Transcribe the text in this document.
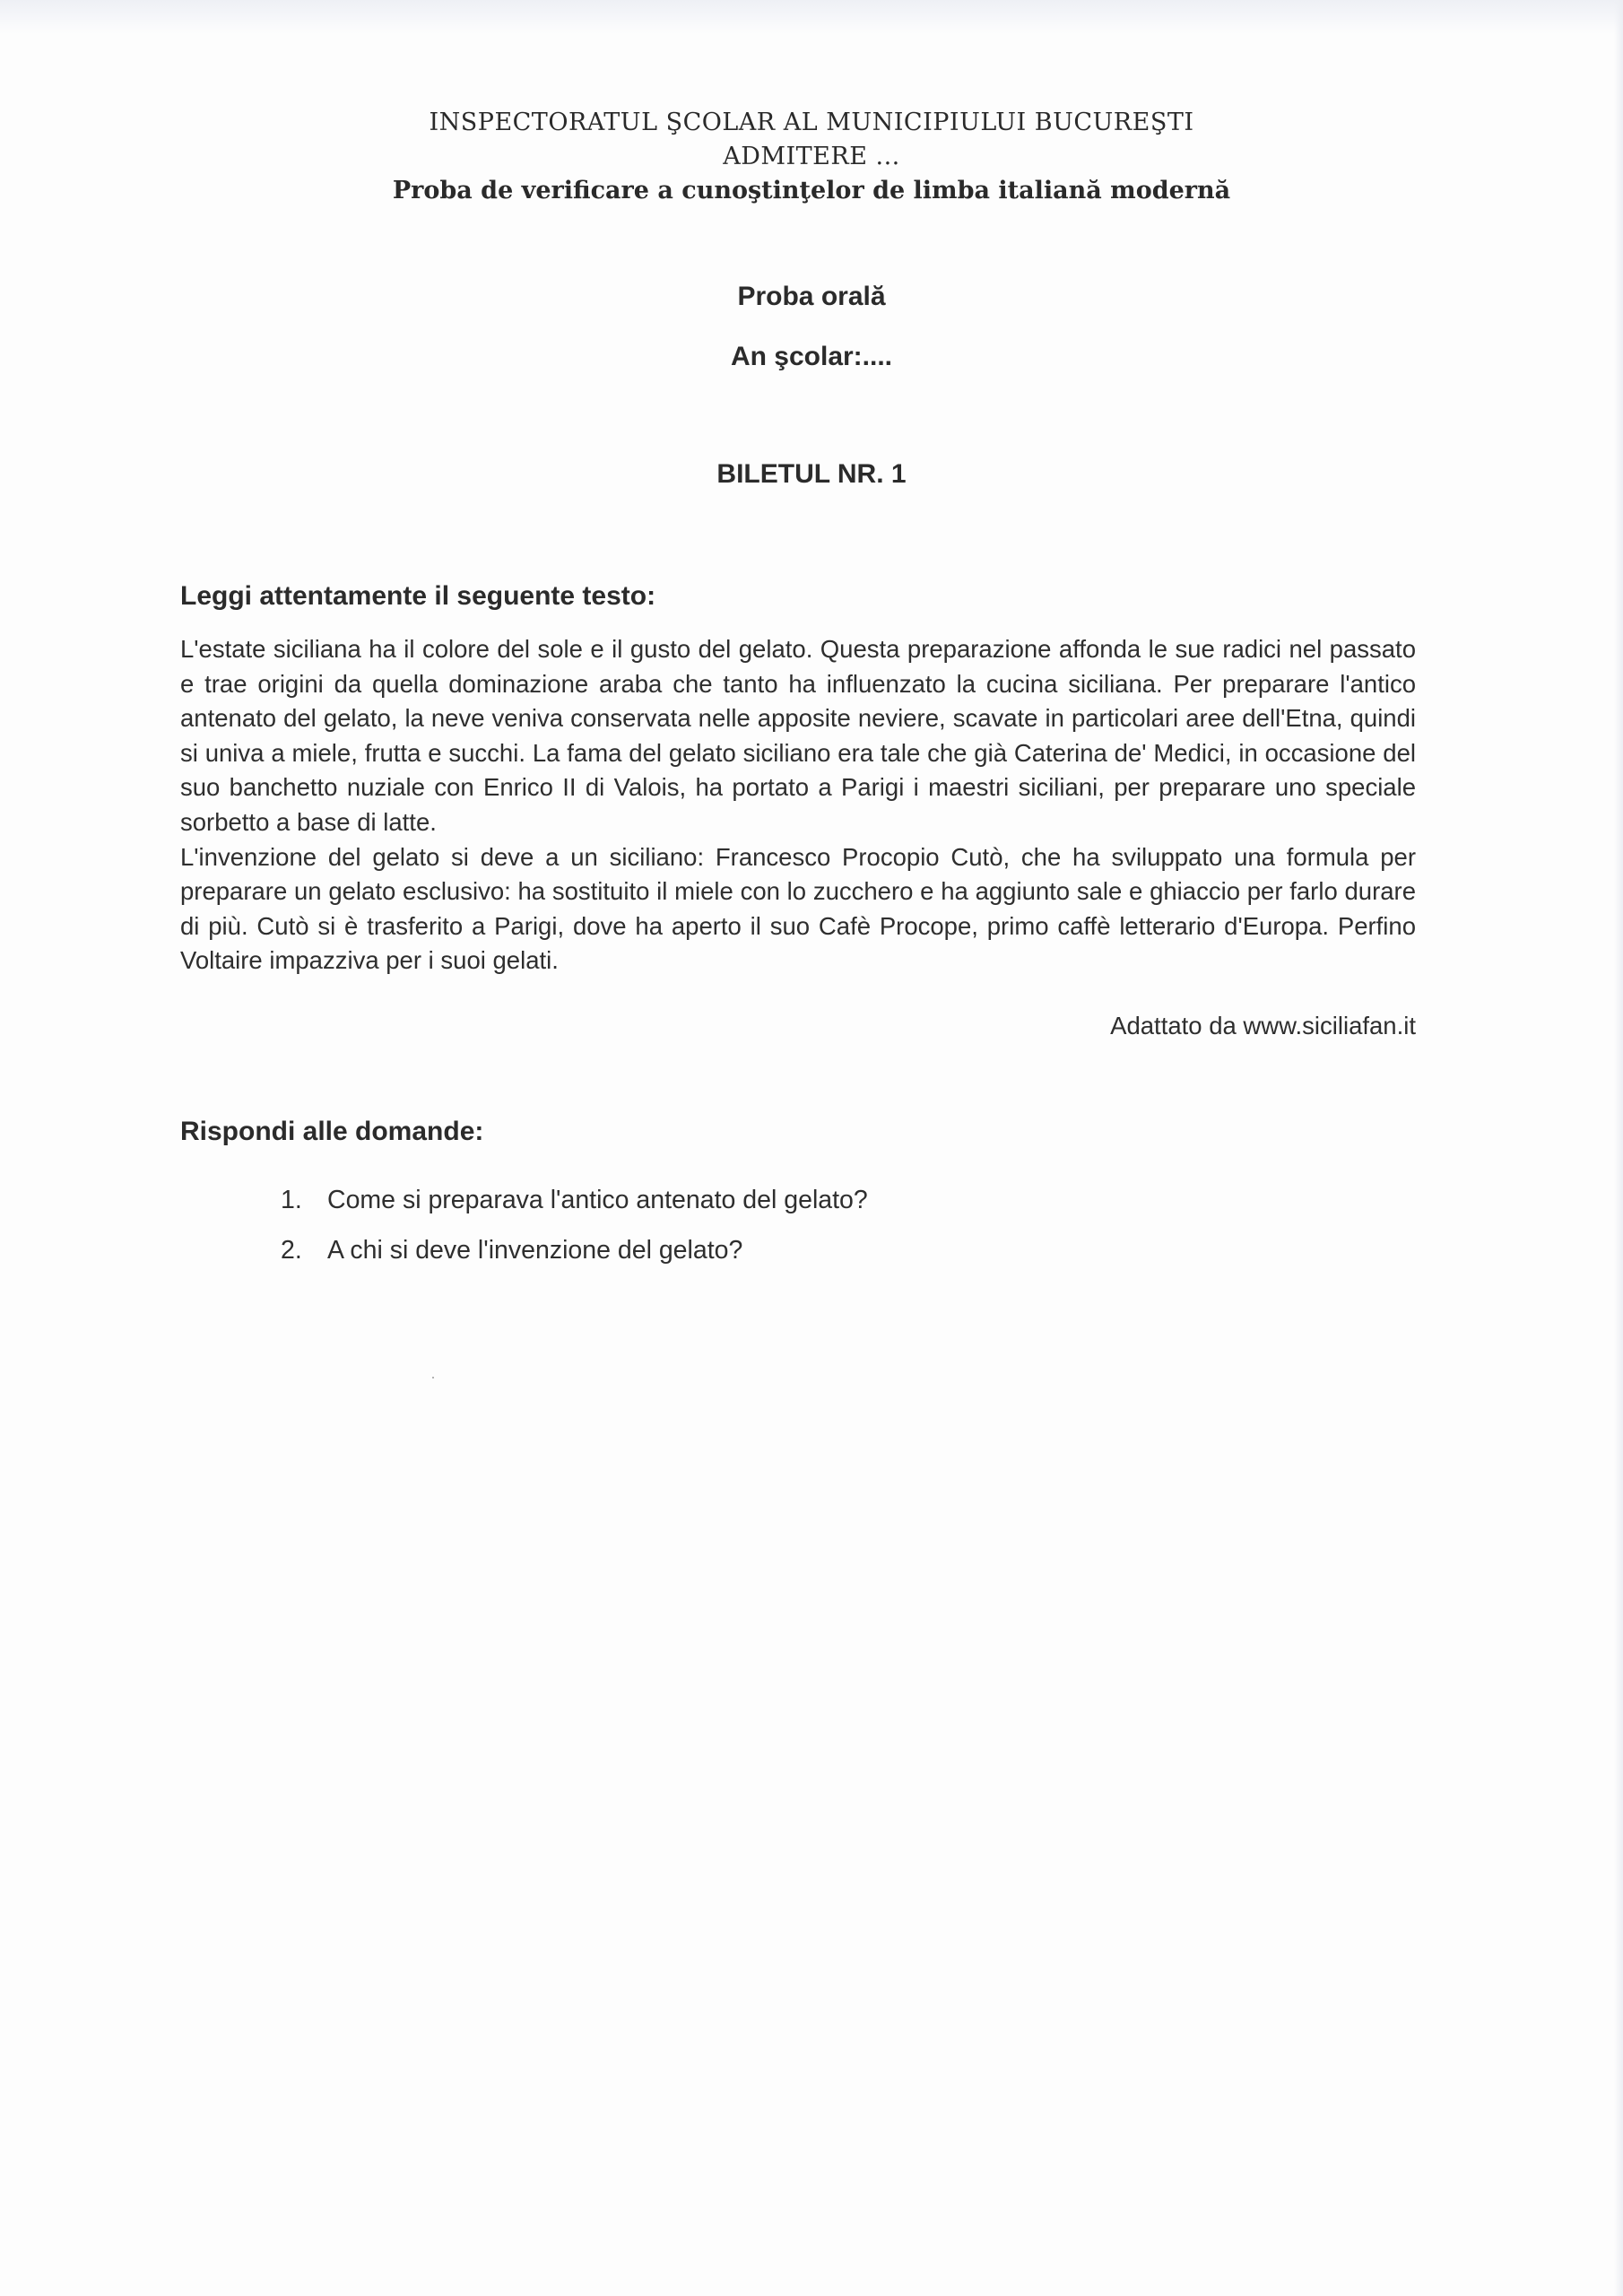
INSPECTORATUL ŞCOLAR AL MUNICIPIULUI BUCUREŞTI
ADMITERE ...
Proba de verificare a cunoştinţelor de limba italiană modernă
Proba orală
An şcolar:....
BILETUL NR. 1
Leggi attentamente il seguente testo:

L'estate siciliana ha il colore del sole e il gusto del gelato. Questa preparazione affonda le sue radici nel passato e trae origini da quella dominazione araba che tanto ha influenzato la cucina siciliana. Per preparare l'antico antenato del gelato, la neve veniva conservata nelle apposite neviere, scavate in particolari aree dell'Etna, quindi si univa a miele, frutta e succhi. La fama del gelato siciliano era tale che già Caterina de' Medici, in occasione del suo banchetto nuziale con Enrico II di Valois, ha portato a Parigi i maestri siciliani, per preparare uno speciale sorbetto a base di latte.

L'invenzione del gelato si deve a un siciliano: Francesco Procopio Cutò, che ha sviluppato una formula per preparare un gelato esclusivo: ha sostituito il miele con lo zucchero e ha aggiunto sale e ghiaccio per farlo durare di più. Cutò si è trasferito a Parigi, dove ha aperto il suo Cafè Procope, primo caffè letterario d'Europa. Perfino Voltaire impazziva per i suoi gelati.

Adattato da www.siciliafan.it
Rispondi alle domande:
1. Come si preparava l'antico antenato del gelato?
2. A chi si deve l'invenzione del gelato?
